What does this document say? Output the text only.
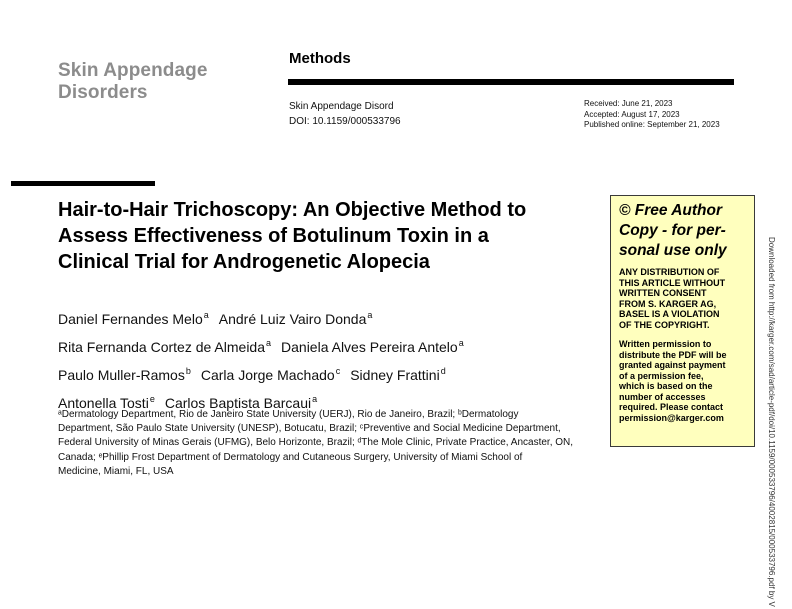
Skin Appendage
Disorders
Methods
Skin Appendage Disord
DOI: 10.1159/000533796
Received: June 21, 2023
Accepted: August 17, 2023
Published online: September 21, 2023
Hair-to-Hair Trichoscopy: An Objective Method to
Assess Effectiveness of Botulinum Toxin in a
Clinical Trial for Androgenetic Alopecia
Daniel Fernandes Melo$^a$ André Luiz Vairo Donda$^a$
Rita Fernanda Cortez de Almeida$^a$ Daniela Alves Pereira Antelo$^a$
Paulo Muller-Ramos$^b$ Carla Jorge Machado$^c$ Sidney Frattini$^d$
Antonella Tosti$^e$ Carlos Baptista Barcaui$^a$
ᵃDermatology Department, Rio de Janeiro State University (UERJ), Rio de Janeiro, Brazil; ᵇDermatology
Department, São Paulo State University (UNESP), Botucatu, Brazil; ᶜPreventive and Social Medicine Department,
Federal University of Minas Gerais (UFMG), Belo Horizonte, Brazil; ᵈThe Mole Clinic, Private Practice, Ancaster, ON,
Canada; ᵉPhillip Frost Department of Dermatology and Cutaneous Surgery, University of Miami School of
Medicine, Miami, FL, USA
© Free Author
Copy - for per-
sonal use only
ANY DISTRIBUTION OF
THIS ARTICLE WITHOUT
WRITTEN CONSENT
FROM S. KARGER AG,
BASEL IS A VIOLATION
OF THE COPYRIGHT.
Written permission to
distribute the PDF will be
granted against payment
of a permission fee,
which is based on the
number of accesses
required. Please contact
permission@karger.com	Downloaded from http://karger.com/sad/article-pdf/doi/10.1159/000533796/4002815/000533796.pdf by V
